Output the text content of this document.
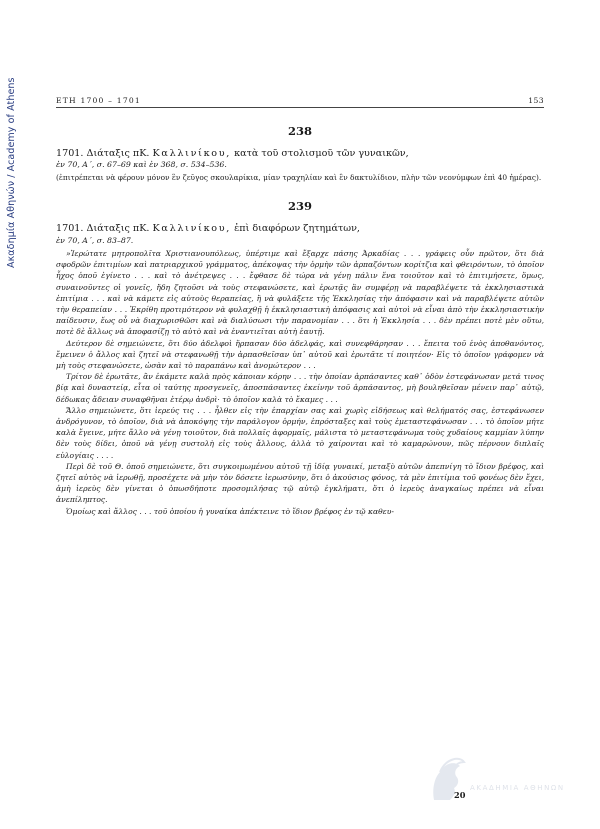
Ακαδημία Αθηνών / Academy of Athens	ΕΤΗ 1700 – 1701	153
238

1701. Διάταξις πΚ. Καλλινίκου, κατὰ τοῦ στολισμοῦ τῶν γυναικῶν,

ἐν 70, Α΄, σ. 67–69 καὶ ἐν 368, σ. 534–536.

(ἐπιτρέπεται νὰ φέρουν μόνον ἓν ζεῦγος σκουλαρίκια, μίαν τραχηλίαν καὶ ἓν δακτυλίδιον, πλὴν τῶν νεονύμφων ἐπὶ 40 ἡμέρας).

239

1701. Διάταξις πΚ. Καλλινίκου, ἐπὶ διαφόρων ζητημάτων,

ἐν 70, Α΄, σ. 83–87.

»Ἱερώτατε μητροπολῖτα Χριστιανουπόλεως, ὑπέρτιμε καὶ ἔξαρχε πάσης Ἀρκαδίας . . . γράφεις οὖν πρῶτον, ὅτι διὰ σφοδρῶν ἐπιτιμίων καὶ πατριαρχικοῦ γράμματος, ἀπέκοψας τὴν ὁρμὴν τῶν ἁρπαζόντων κορίτζια καὶ φθειρόντων, τὸ ὁποῖον ἦχος ὁποῦ ἐγίνετο . . . καὶ τὸ ἀνέτρεψες . . . ἔφθασε δὲ τώρα νὰ γένῃ πάλιν ἕνα τοιοῦτον καὶ τὸ ἐπιτιμήσετε, ὅμως, συναινοῦντες οἱ γονεῖς, ἤδη ζητοῦσι νὰ τοὺς στεφανώσετε, καὶ ἐρωτᾷς ἂν συμφέρῃ νὰ παραβλέψετε τὰ ἐκκλησιαστικὰ ἐπιτίμια . . . καὶ νὰ κάμετε εἰς αὐτοὺς θεραπείας, ἢ νὰ φυλάξετε τῆς Ἐκκλησίας τὴν ἀπόφασιν καὶ νὰ παραβλέψετε αὐτῶν τὴν θεραπείαν . . . Ἐκρίθη προτιμότερον νὰ φυλαχθῇ ἡ ἐκκλησιαστικὴ ἀπόφασις καὶ αὐτοὶ νὰ εἶναι ἀπὸ τὴν ἐκκλησιαστικὴν παίδευσιν, ἕως οὗ νὰ διαχωρισθῶσι καὶ νὰ διαλύσωσι τὴν παρανομίαν . . . ὅτι ἡ Ἐκκλησία . . . δὲν πρέπει ποτὲ μὲν οὕτω, ποτὲ δὲ ἄλλως νὰ ἀποφασίζῃ τὸ αὐτὸ καὶ νὰ ἐναντιεῖται αὐτὴ ἑαυτῇ.

Δεύτερον δὲ σημειώνετε, ὅτι δύο ἀδελφοὶ ἥρπασαν δύο ἀδελφάς, καὶ συνεφθάρησαν . . . ἔπειτα τοῦ ἑνὸς ἀποθανόντος, ἔμεινεν ὁ ἄλλος καὶ ζητεῖ νὰ στεφανωθῇ τὴν ἁρπασθεῖσαν ὑπ᾽ αὐτοῦ καὶ ἐρωτᾶτε τί ποιητέον· Εἰς τὸ ὁποῖον γράφομεν νὰ μὴ τοὺς στεφανώσετε, ὡσὰν καὶ τὸ παραπάνω καὶ ἀνομώτερον . . .

Τρίτον δὲ ἐρωτᾶτε, ἂν ἐκάμετε καλὰ πρὸς κάποιαν κόρην . . . τὴν ὁποίαν ἁρπάσαντες καθ᾽ ὁδὸν ἐστεφάνωσαν μετά τινος βίᾳ καὶ δυναστείᾳ, εἶτα οἱ ταύτης προσγενεῖς, ἀποσπάσαντες ἐκείνην τοῦ ἁρπάσαντος, μὴ βουληθεῖσαν μένειν παρ᾽ αὐτῷ, δέδωκας ἄδειαν συναφθῆναι ἑτέρῳ ἀνδρὶ· τὸ ὁποῖον καλὰ τὸ ἔκαμες . . .

Ἄλλο σημειώνετε, ὅτι ἱερεύς τις . . . ἦλθεν εἰς τὴν ἐπαρχίαν σας καὶ χωρὶς εἰδήσεως καὶ θελήματός σας, ἐστεφάνωσεν ἀνδρόγυνον, τὸ ὁποῖον, διὰ νὰ ἀποκόψης τὴν παράλογον ὁρμήν, ἐπρόσταξες καὶ τοὺς ἐμεταστεφάνωσαν . . . τὸ ὁποῖον μήτε καλὰ ἔγεινε, μήτε ἄλλο νὰ γένῃ τοιοῦτον, διὰ πολλαῖς ἀφορμαῖς, μάλιστα τὸ μεταστεφάνωμα τοὺς χυδαίους καμμίαν λύπην δὲν τοὺς δίδει, ὁποῦ νὰ γένῃ συστολὴ εἰς τοὺς ἄλλους, ἀλλὰ τὸ χαίρονται καὶ τὸ καμαρώνουν, πῶς πέρνουν διπλαῖς εὐλογίαις . . . .

Περὶ δὲ τοῦ Θ. ὁποῦ σημειώνετε, ὅτι συγκοιμωμένου αὐτοῦ τῇ ἰδίᾳ γυναικί, μεταξὺ αὐτῶν ἀπεπνίγη τὸ ἴδιον βρέφος, καὶ ζητεῖ αὐτὸς νὰ ἱερωθῇ, προσέχετε νὰ μὴν τὸν δόσετε ἱερωσύνην, ὅτι ὁ ἀκούσιος φόνος, τὰ μὲν ἐπιτίμια τοῦ φονέως δὲν ἔχει, ἀμὴ ἱερεὺς δὲν γίνεται ὁ ὁπωσδήποτε προσομιλήσας τῷ αὐτῷ ἐγκλήματι, ὅτι ὁ ἱερεὺς ἀναγκαίως πρέπει νὰ εἶναι ἀνεπίληπτος.

Ὁμοίως καὶ ἄλλος . . . τοῦ ὁποίου ἡ γυναίκα ἀπέκτεινε τὸ ἴδιον βρέφος ἐν τῷ καθευ-

20
ΑΚΑΔΗΜΙΑ ΑΘΗΝΩΝ
